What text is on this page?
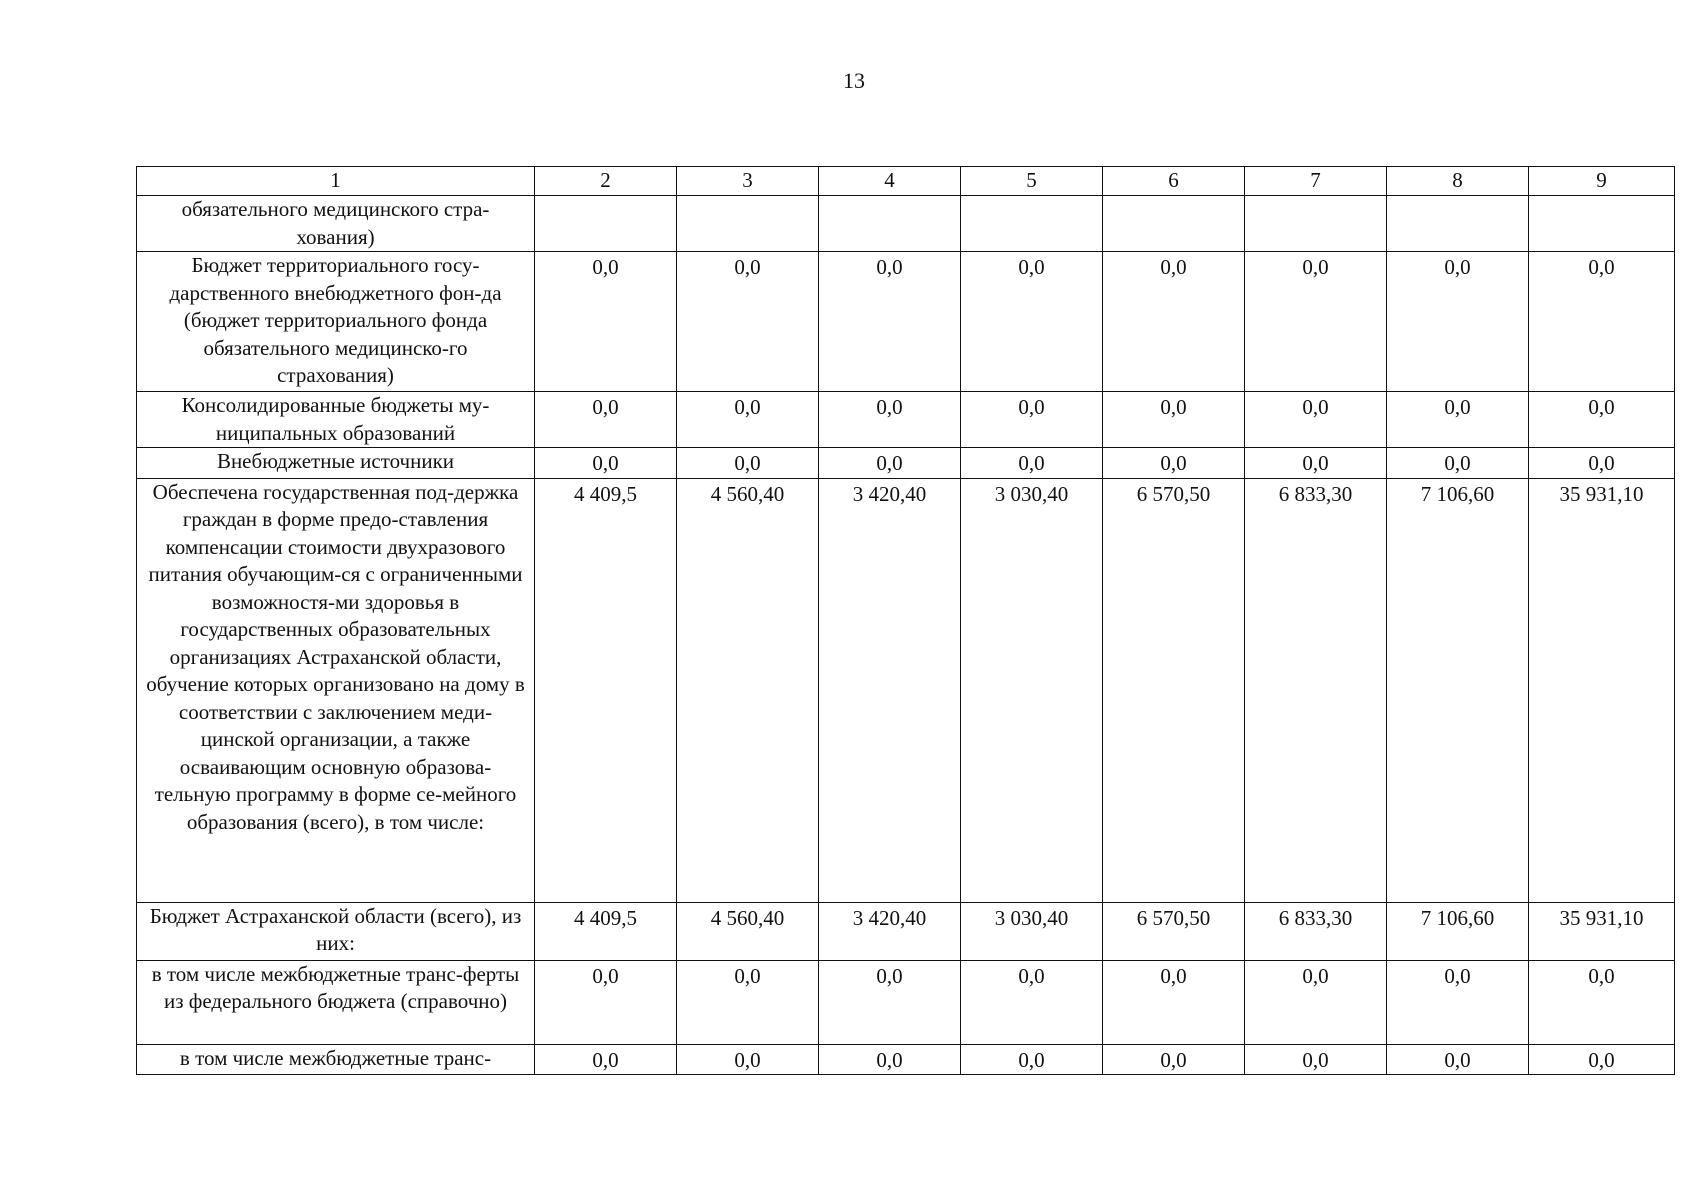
13
1	2	3	4	5	6	7	8	9
обязательного медицинского стра-хования)								
Бюджет территориального госу-дарственного внебюджетного фон-да (бюджет территориального фонда обязательного медицинско-го страхования)	0,0	0,0	0,0	0,0	0,0	0,0	0,0	0,0
Консолидированные бюджеты му-ниципальных образований	0,0	0,0	0,0	0,0	0,0	0,0	0,0	0,0
Внебюджетные источники	0,0	0,0	0,0	0,0	0,0	0,0	0,0	0,0
Обеспечена государственная под-держка граждан в форме предо-ставления компенсации стоимости двухразового питания обучающим-ся с ограниченными возможностя-ми здоровья в государственных образовательных организациях Астраханской области, обучение которых организовано на дому в соответствии с заключением меди-цинской организации, а также осваивающим основную образова-тельную программу в форме се-мейного образования (всего), в том числе:	4 409,5	4 560,40	3 420,40	3 030,40	6 570,50	6 833,30	7 106,60	35 931,10
Бюджет Астраханской области (всего), из них:	4 409,5	4 560,40	3 420,40	3 030,40	6 570,50	6 833,30	7 106,60	35 931,10
в том числе межбюджетные транс-ферты из федерального бюджета (справочно)	0,0	0,0	0,0	0,0	0,0	0,0	0,0	0,0
в том числе межбюджетные транс-	0,0	0,0	0,0	0,0	0,0	0,0	0,0	0,0
